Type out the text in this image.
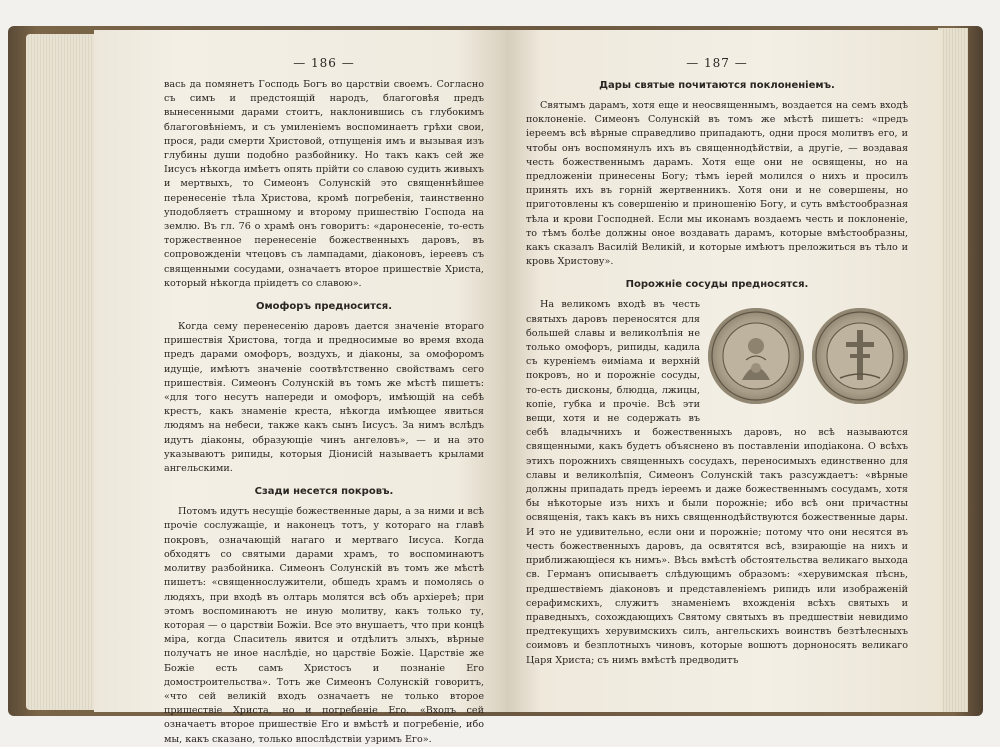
— 186 —

вась да помянетъ Господь Богъ во царствіи своемъ. Согласно съ симъ и предстоящій народъ, благоговѣя предъ вынесенными дарами стоитъ, наклонившись съ глубокимъ благоговѣніемъ, и съ умиленіемъ воспоминаетъ грѣхи свои, прося, ради смерти Христовой, отпущенія имъ и вызывая изъ глубины души подобно разбойнику. Но такъ какъ сей же Іисусъ нѣкогда имѣетъ опять прійти со славою судить живыхъ и мертвыхъ, то Симеонъ Солунскій это священнѣйшее перенесеніе тѣла Христова, кромѣ погребенія, таинственно уподобляетъ страшному и второму пришествію Господа на землю. Въ гл. 76 о храмѣ онъ говоритъ: «даронесеніе, то-есть торжественное перенесеніе божественныхъ даровъ, въ сопровожденіи чтецовъ съ лампадами, діаконовъ, іереевъ съ священными сосудами, означаетъ второе пришествіе Христа, который нѣкогда пріидетъ со славою».

Омофоръ предносится.

Когда сему перенесенію даровъ дается значеніе втораго пришествія Христова, тогда и предносимые во время входа предъ дарами омофоръ, воздухъ, и діаконы, за омофоромъ идущіе, имѣютъ значеніе соотвѣтственно свойствамъ сего пришествія. Симеонъ Солунскій въ томъ же мѣстѣ пишетъ: «для того несутъ напереди и омофоръ, имѣющій на себѣ крестъ, какъ знаменіе креста, нѣкогда имѣющее явиться людямъ на небеси, также какъ сынъ Іисусъ. За нимъ вслѣдъ идутъ діаконы, образующіе чинъ ангеловъ», — и на это указываютъ рипиды, которыя Діонисій называетъ крылами ангельскими.

Сзади несется покровъ.

Потомъ идутъ несущіе божественные дары, а за ними и всѣ прочіе сослужащіе, и наконецъ тотъ, у котораго на главѣ покровъ, означающій нагаго и мертваго Іисуса. Когда обходятъ со святыми дарами храмъ, то воспоминаютъ молитву разбойника. Симеонъ Солунскій въ томъ же мѣстѣ пишетъ: «священнослужители, обшедъ храмъ и помолясь о людяхъ, при входѣ въ олтарь молятся всѣ объ архіереѣ; при этомъ воспоминаютъ не иную молитву, какъ только ту, которая — о царствіи Божіи. Все это внушаетъ, что при концѣ міра, когда Спаситель явится и отдѣлитъ злыхъ, вѣрные получатъ не иное наслѣдіе, но царствіе Божіе. Царствіе же Божіе есть самъ Христосъ и познаніе Его домостроительства». Тотъ же Симеонъ Солунскій говоритъ, «что сей великій входъ означаетъ не только второе пришествіе Христа, но и погребеніе Его. «Входъ сей означаетъ второе пришествіе Его и вмѣстѣ и погребеніе, ибо мы, какъ сказано, только впослѣдствіи узримъ Его».

— 187 —
Дары святые почитаются поклоненіемъ.

Святымъ дарамъ, хотя еще и неосвященнымъ, воздается на семъ входѣ поклоненіе. Симеонъ Солунскій въ томъ же мѣстѣ пишетъ: «предъ іереемъ всѣ вѣрные справедливо припадаютъ, одни прося молитвъ его, и чтобы онъ воспомянулъ ихъ въ священнодѣйствіи, а другіе, — воздавая честь божественнымъ дарамъ. Хотя еще они не освящены, но на предложеніи принесены Богу; тѣмъ іерей молился о нихъ и просилъ принять ихъ въ горній жертвенникъ. Хотя они и не совершены, но приготовлены къ совершенію и приношенію Богу, и суть вмѣстообразная тѣла и крови Господней. Если мы иконамъ воздаемъ честь и поклоненіе, то тѣмъ болѣе должны оное воздавать дарамъ, которые вмѣстообразны, какъ сказалъ Василій Великій, и которые имѣютъ преложиться въ тѣло и кровь Христову».

Порожніе сосуды предносятся.

На великомъ входѣ въ честь святыхъ даровъ переносятся для большей славы и великолѣпія не только омофоръ, рипиды, кадила съ куреніемъ ѳиміама и верхній покровъ, но и порожніе сосуды, то-есть дисконы, блюдца, лжицы, копіе, губка и прочіе. Всѣ эти вещи, хотя и не содержать въ себѣ владычнихъ и божественныхъ даровъ, но всѣ называются священными, какъ будетъ объяснено въ поставленіи иподіакона. О всѣхъ этихъ порожнихъ священныхъ сосудахъ, переносимыхъ единственно для славы и великолѣпія, Симеонъ Солунскій такъ разсуждаетъ: «вѣрные должны припадать предъ іереемъ и даже божественнымъ сосудамъ, хотя бы нѣкоторые изъ нихъ и были порожніе; ибо всѣ они причастны освященія, такъ какъ въ нихъ священнодѣйствуются божественные дары. И это не удивительно, если они и порожніе; потому что они несятся въ честь божественныхъ даровъ, да освятятся всѣ, взирающіе на нихъ и приближающіеся къ нимъ». Вѣсь вмѣстѣ обстоятельства великаго выхода св. Германъ описываетъ слѣдующимъ образомъ: «херувимская пѣснь, предшествіемъ діаконовъ и представленіемъ рипидъ или изображеній серафимскихъ, служитъ знаменіемъ вхожденія всѣхъ святыхъ и праведныхъ, сохождающихъ Святому святыхъ въ предшествіи невидимо предтекущихъ херувимскихъ силъ, ангельскихъ воинствъ безтѣлесныхъ соимовъ и безплотныхъ чиновъ, которые вошютъ дорноносять великаго Царя Христа; съ нимъ вмѣстѣ предводитъ
